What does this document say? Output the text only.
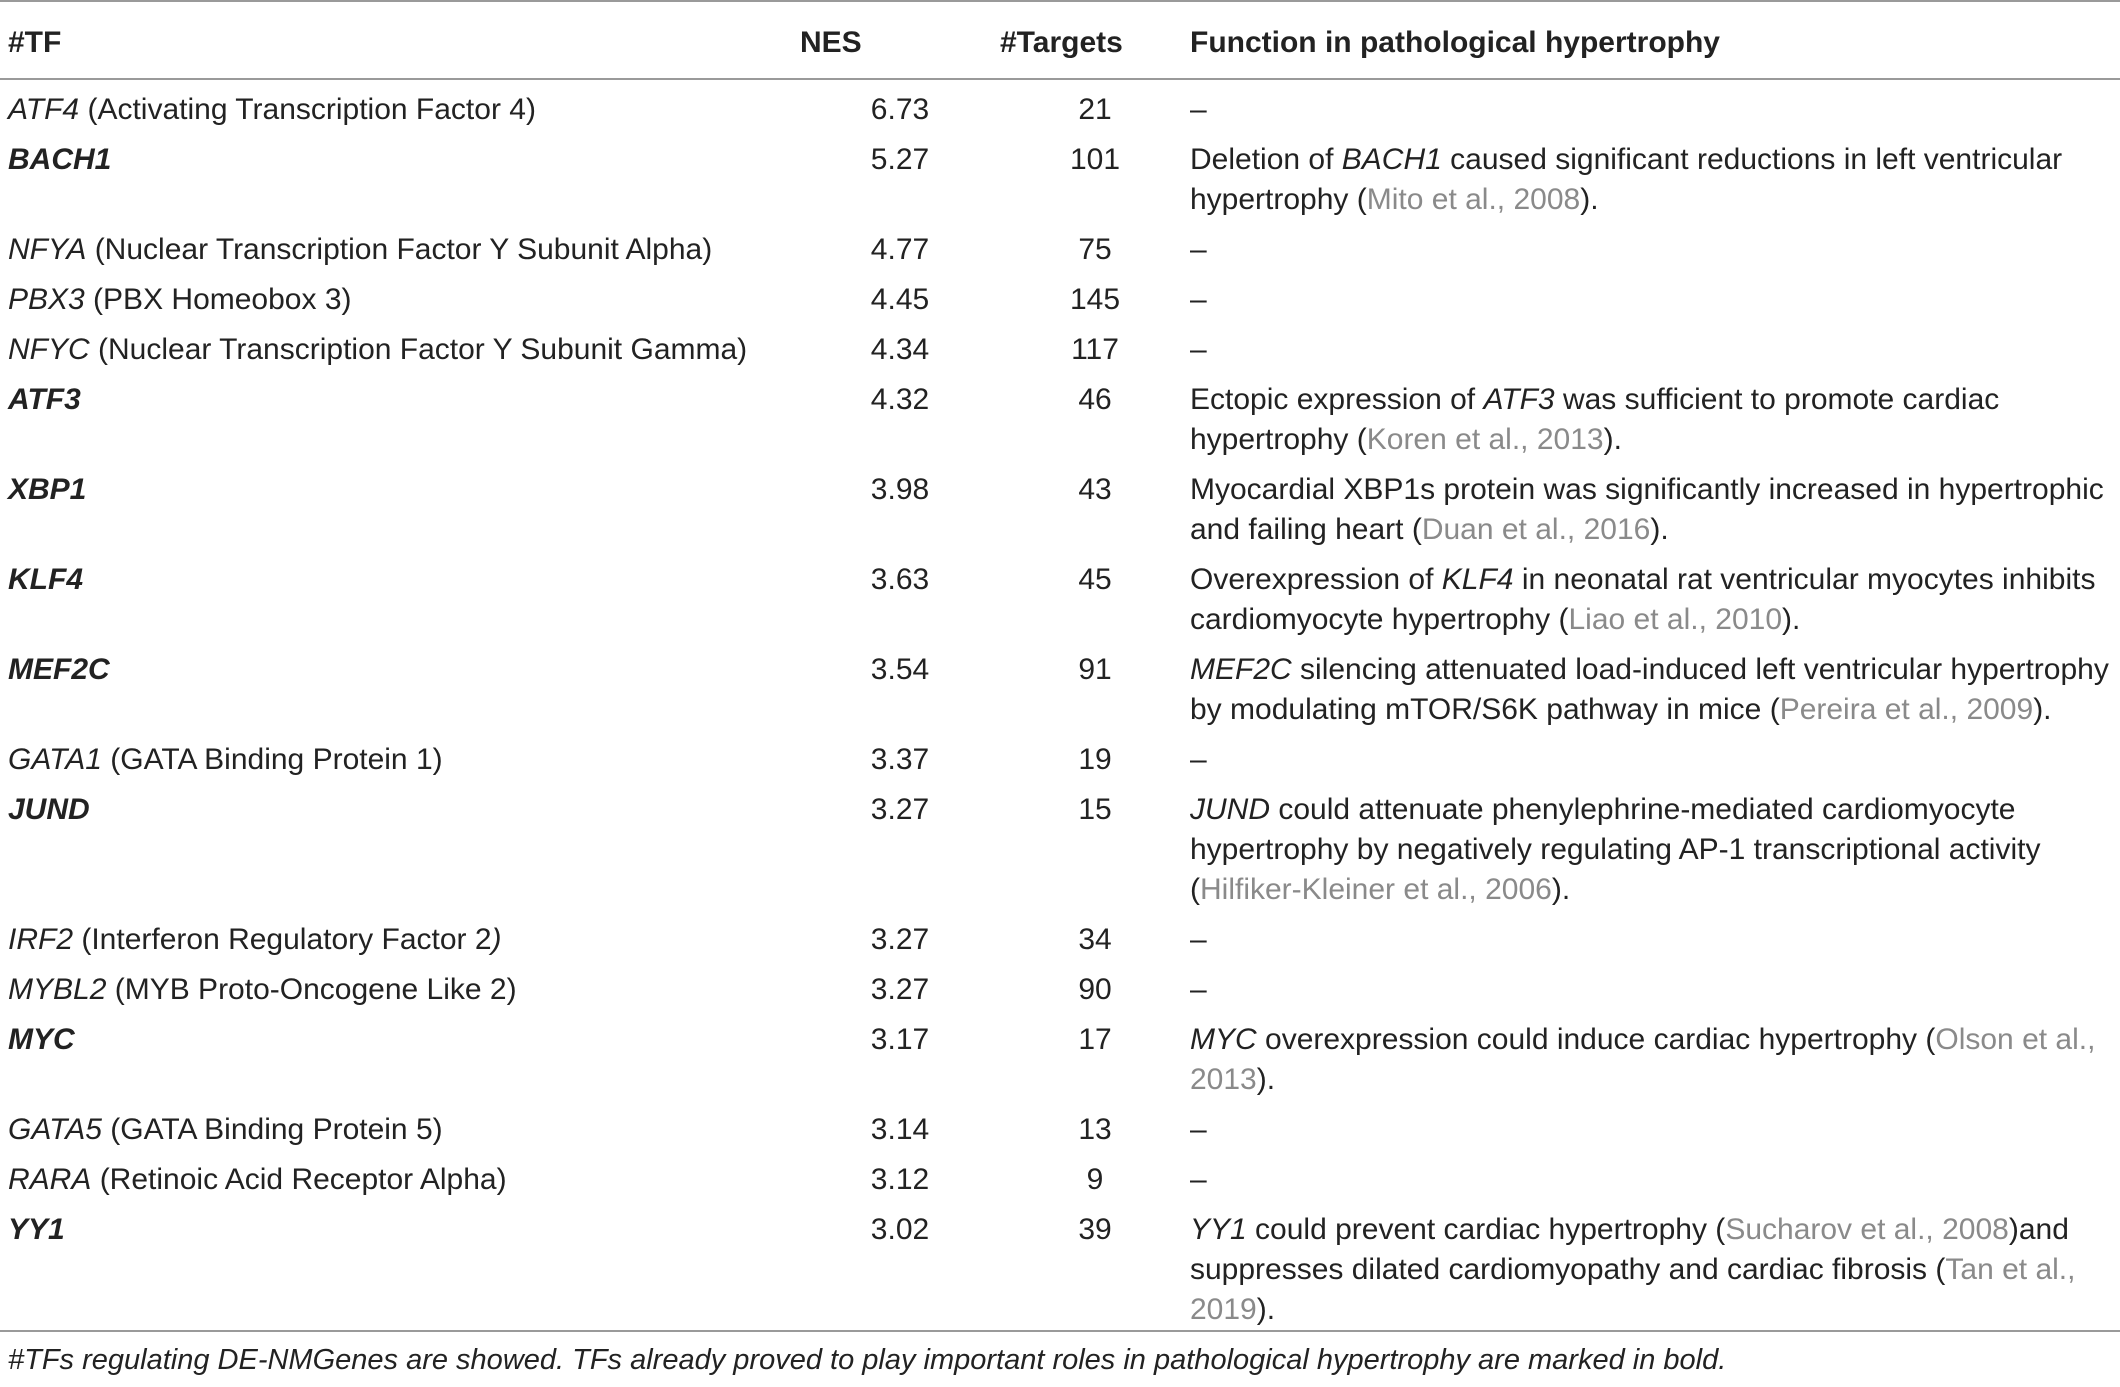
#TF	NES	#Targets	Function in pathological hypertrophy
ATF4 (Activating Transcription Factor 4)	6.73	21	–
BACH1	5.27	101	Deletion of BACH1 caused significant reductions in left ventricular hypertrophy (Mito et al., 2008).
NFYA (Nuclear Transcription Factor Y Subunit Alpha)	4.77	75	–
PBX3 (PBX Homeobox 3)	4.45	145	–
NFYC (Nuclear Transcription Factor Y Subunit Gamma)	4.34	117	–
ATF3	4.32	46	Ectopic expression of ATF3 was sufficient to promote cardiac hypertrophy (Koren et al., 2013).
XBP1	3.98	43	Myocardial XBP1s protein was significantly increased in hypertrophic and failing heart (Duan et al., 2016).
KLF4	3.63	45	Overexpression of KLF4 in neonatal rat ventricular myocytes inhibits cardiomyocyte hypertrophy (Liao et al., 2010).
MEF2C	3.54	91	MEF2C silencing attenuated load-induced left ventricular hypertrophy by modulating mTOR/S6K pathway in mice (Pereira et al., 2009).
GATA1 (GATA Binding Protein 1)	3.37	19	–
JUND	3.27	15	JUND could attenuate phenylephrine-mediated cardiomyocyte hypertrophy by negatively regulating AP-1 transcriptional activity (Hilfiker-Kleiner et al., 2006).
IRF2 (Interferon Regulatory Factor 2)	3.27	34	–
MYBL2 (MYB Proto-Oncogene Like 2)	3.27	90	–
MYC	3.17	17	MYC overexpression could induce cardiac hypertrophy (Olson et al., 2013).
GATA5 (GATA Binding Protein 5)	3.14	13	–
RARA (Retinoic Acid Receptor Alpha)	3.12	9	–
YY1	3.02	39	YY1 could prevent cardiac hypertrophy (Sucharov et al., 2008)and suppresses dilated cardiomyopathy and cardiac fibrosis (Tan et al., 2019).
#TFs regulating DE-NMGenes are showed. TFs already proved to play important roles in pathological hypertrophy are marked in bold.
